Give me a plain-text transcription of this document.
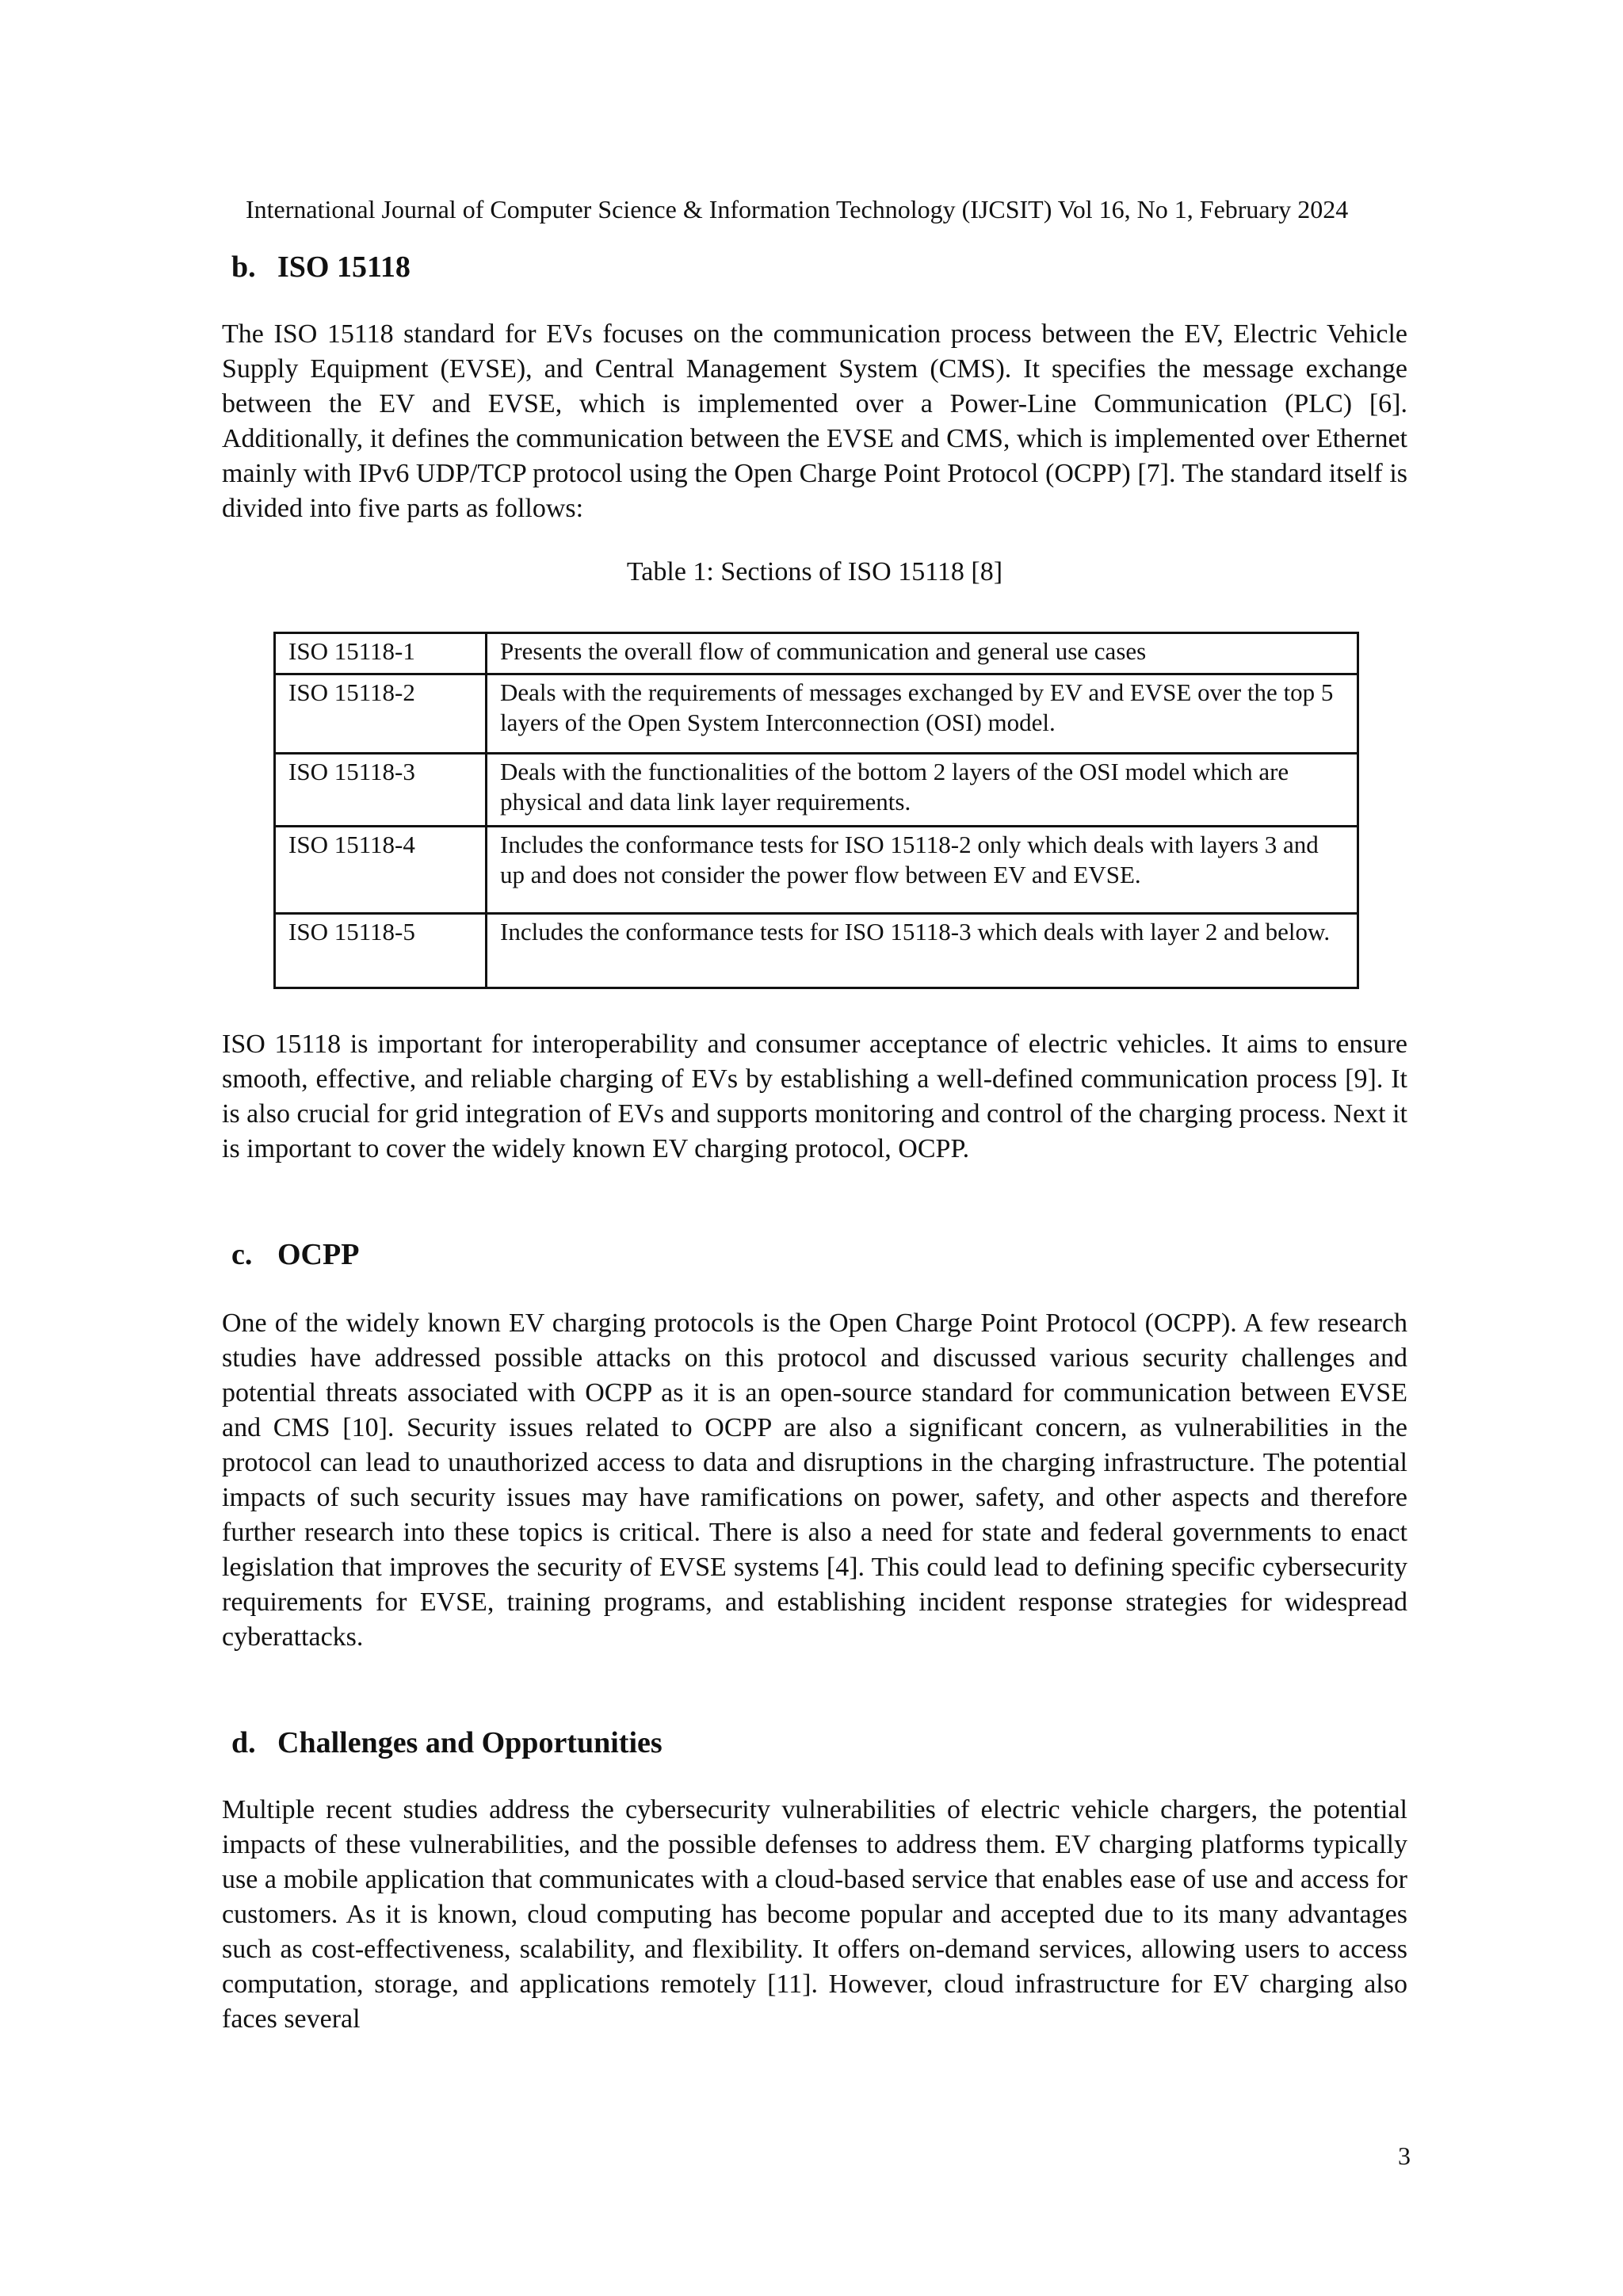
International Journal of Computer Science & Information Technology (IJCSIT) Vol 16, No 1, February 2024
b. ISO 15118

The ISO 15118 standard for EVs focuses on the communication process between the EV, Electric Vehicle Supply Equipment (EVSE), and Central Management System (CMS). It specifies the message exchange between the EV and EVSE, which is implemented over a Power-Line Communication (PLC) [6]. Additionally, it defines the communication between the EVSE and CMS, which is implemented over Ethernet mainly with IPv6 UDP/TCP protocol using the Open Charge Point Protocol (OCPP) [7]. The standard itself is divided into five parts as follows:

Table 1: Sections of ISO 15118 [8]
ISO 15118-1	Presents the overall flow of communication and general use cases
ISO 15118-2	Deals with the requirements of messages exchanged by EV and EVSE over the top 5 layers of the Open System Interconnection (OSI) model.
ISO 15118-3	Deals with the functionalities of the bottom 2 layers of the OSI model which are physical and data link layer requirements.
ISO 15118-4	Includes the conformance tests for ISO 15118-2 only which deals with layers 3 and up and does not consider the power flow between EV and EVSE.
ISO 15118-5	Includes the conformance tests for ISO 15118-3 which deals with layer 2 and below.

ISO 15118 is important for interoperability and consumer acceptance of electric vehicles. It aims to ensure smooth, effective, and reliable charging of EVs by establishing a well-defined communication process [9]. It is also crucial for grid integration of EVs and supports monitoring and control of the charging process. Next it is important to cover the widely known EV charging protocol, OCPP.

c. OCPP

One of the widely known EV charging protocols is the Open Charge Point Protocol (OCPP). A few research studies have addressed possible attacks on this protocol and discussed various security challenges and potential threats associated with OCPP as it is an open-source standard for communication between EVSE and CMS [10]. Security issues related to OCPP are also a significant concern, as vulnerabilities in the protocol can lead to unauthorized access to data and disruptions in the charging infrastructure. The potential impacts of such security issues may have ramifications on power, safety, and other aspects and therefore further research into these topics is critical. There is also a need for state and federal governments to enact legislation that improves the security of EVSE systems [4]. This could lead to defining specific cybersecurity requirements for EVSE, training programs, and establishing incident response strategies for widespread cyberattacks.

d. Challenges and Opportunities

Multiple recent studies address the cybersecurity vulnerabilities of electric vehicle chargers, the potential impacts of these vulnerabilities, and the possible defenses to address them. EV charging platforms typically use a mobile application that communicates with a cloud-based service that enables ease of use and access for customers. As it is known, cloud computing has become popular and accepted due to its many advantages such as cost-effectiveness, scalability, and flexibility. It offers on-demand services, allowing users to access computation, storage, and applications remotely [11]. However, cloud infrastructure for EV charging also faces several

3
